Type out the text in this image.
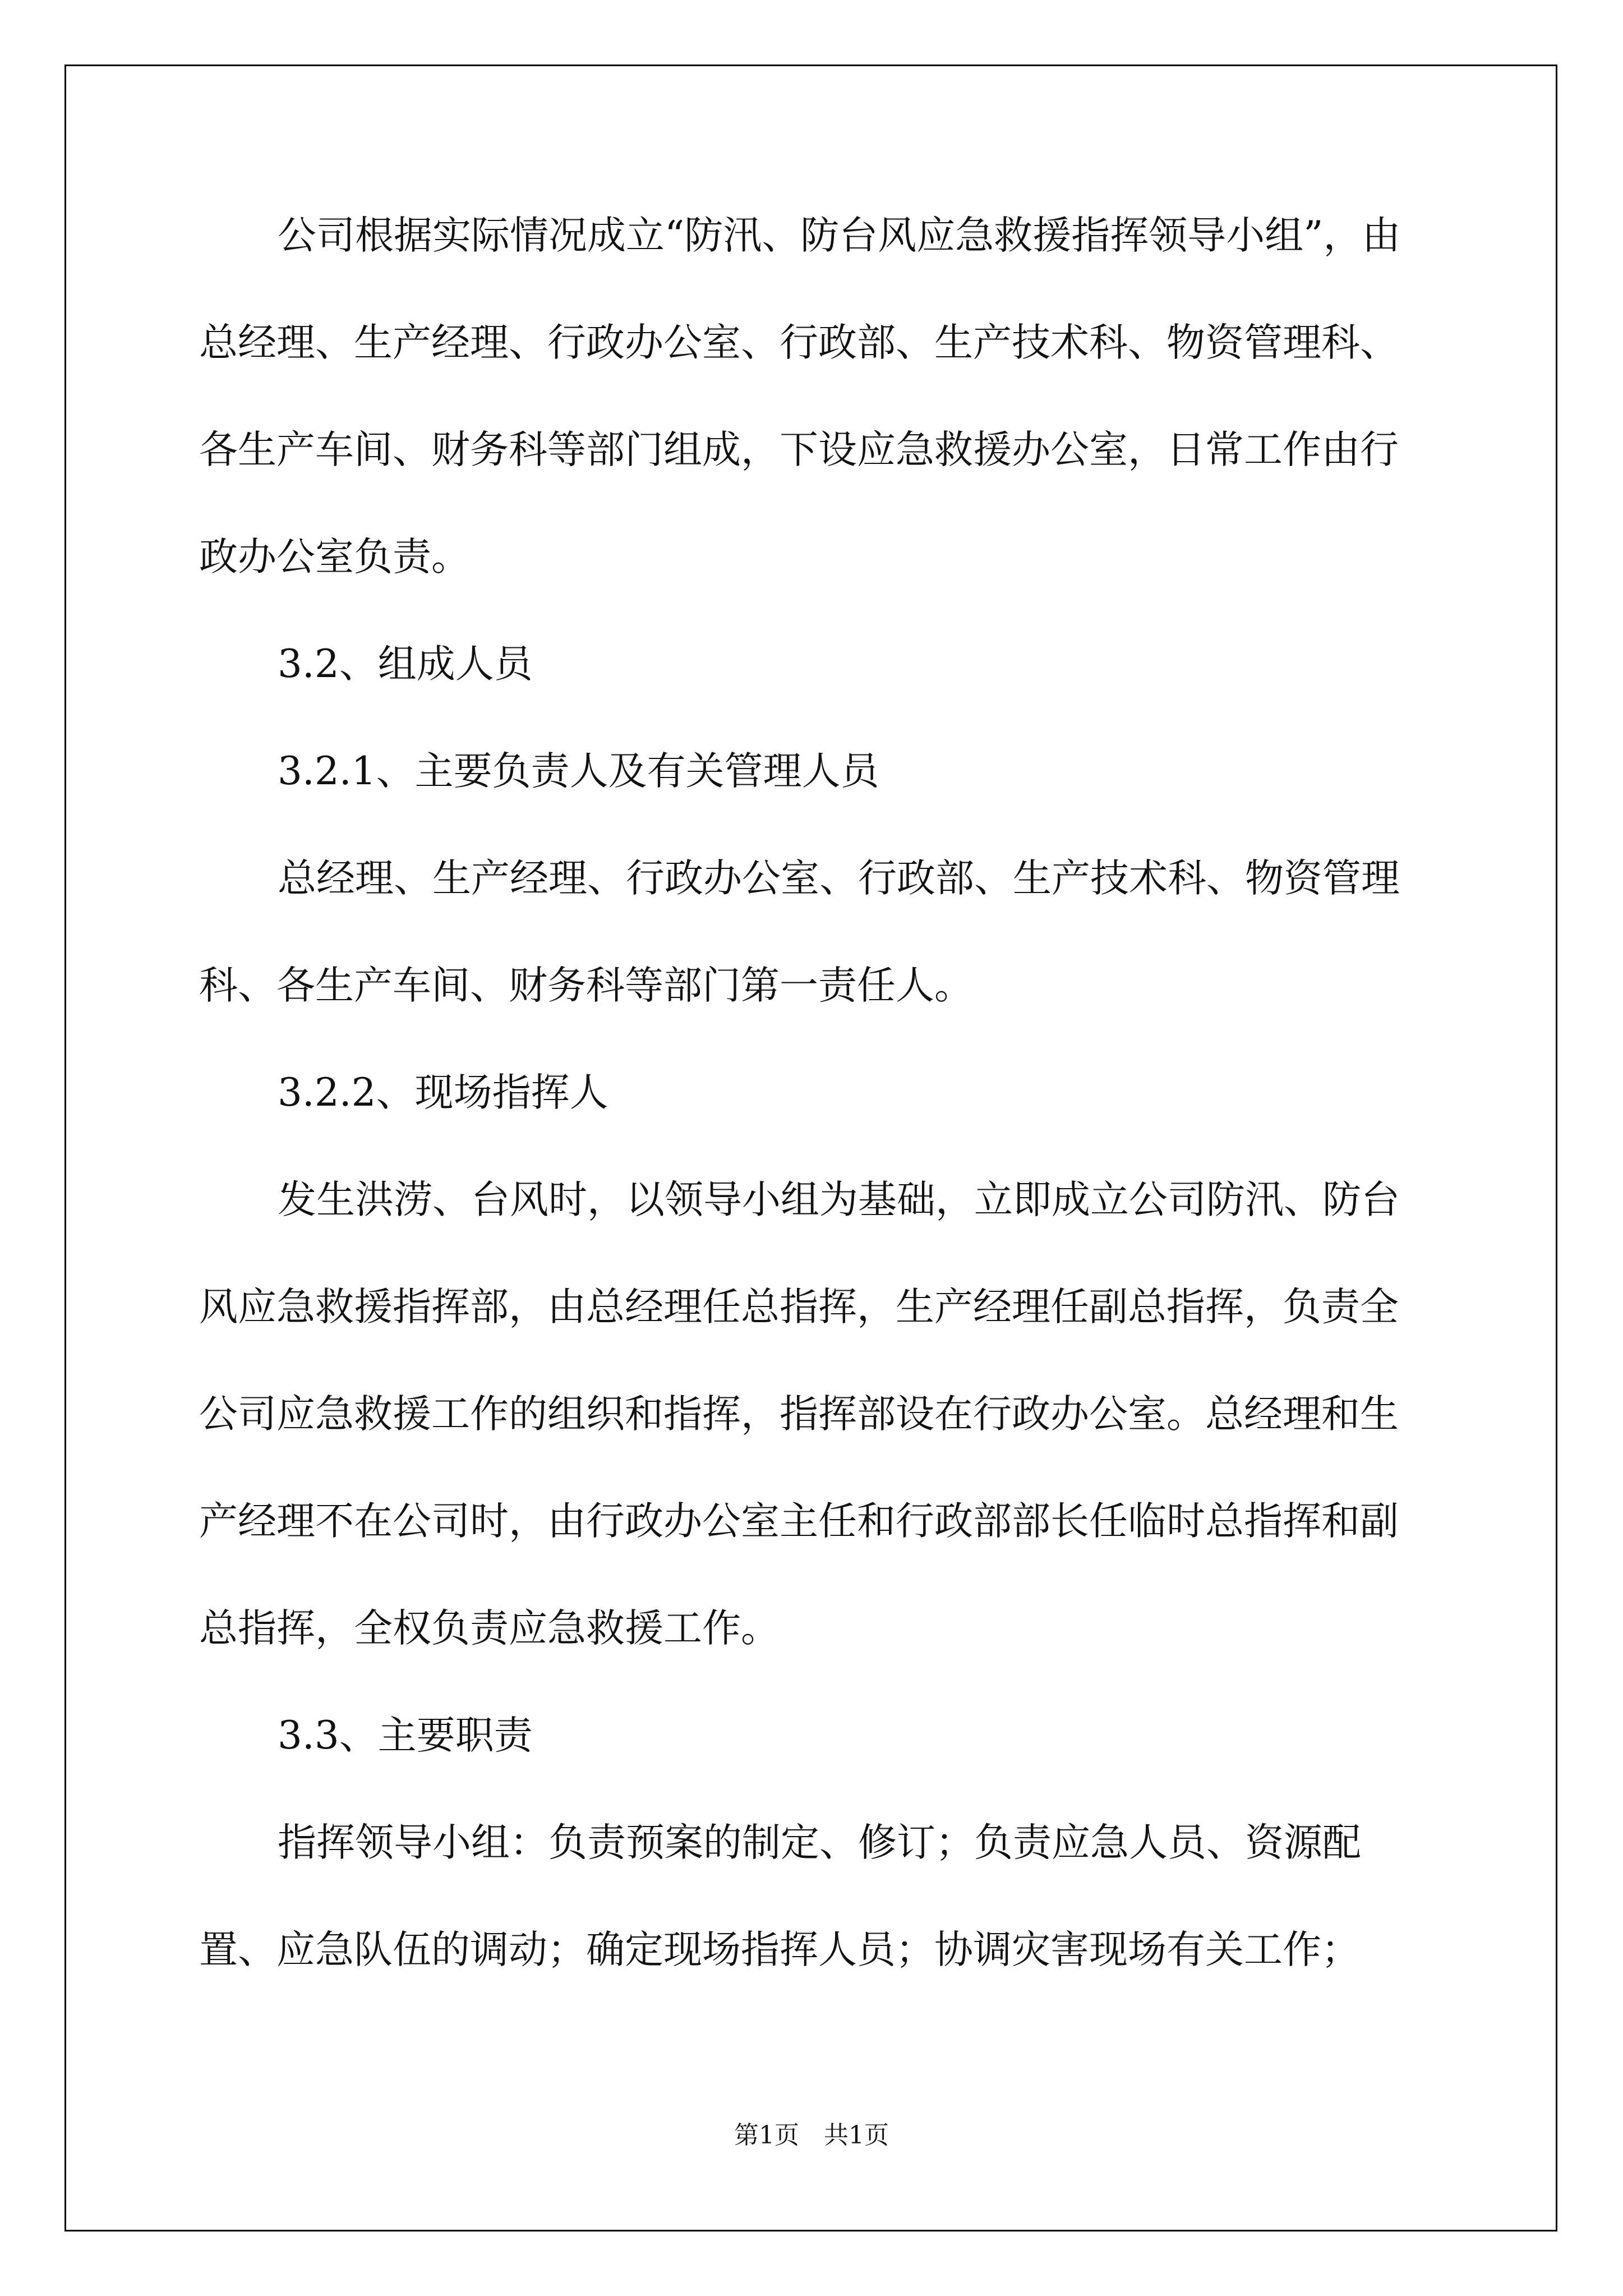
公司根据实际情况成立“防汛、防台风应急救援指挥领导小组”，由总经理、生产经理、行政办公室、行政部、生产技术科、物资管理科、各生产车间、财务科等部门组成，下设应急救援办公室，日常工作由行政办公室负责。

3.2、组成人员

3.2.1、主要负责人及有关管理人员

总经理、生产经理、行政办公室、行政部、生产技术科、物资管理科、各生产车间、财务科等部门第一责任人。

3.2.2、现场指挥人

发生洪涝、台风时，以领导小组为基础，立即成立公司防汛、防台风应急救援指挥部，由总经理任总指挥，生产经理任副总指挥，负责全公司应急救援工作的组织和指挥，指挥部设在行政办公室。总经理和生产经理不在公司时，由行政办公室主任和行政部部长任临时总指挥和副总指挥，全权负责应急救援工作。

3.3、主要职责

指挥领导小组：负责预案的制定、修订；负责应急人员、资源配置、应急队伍的调动；确定现场指挥人员；协调灾害现场有关工作；

第1页　共1页
